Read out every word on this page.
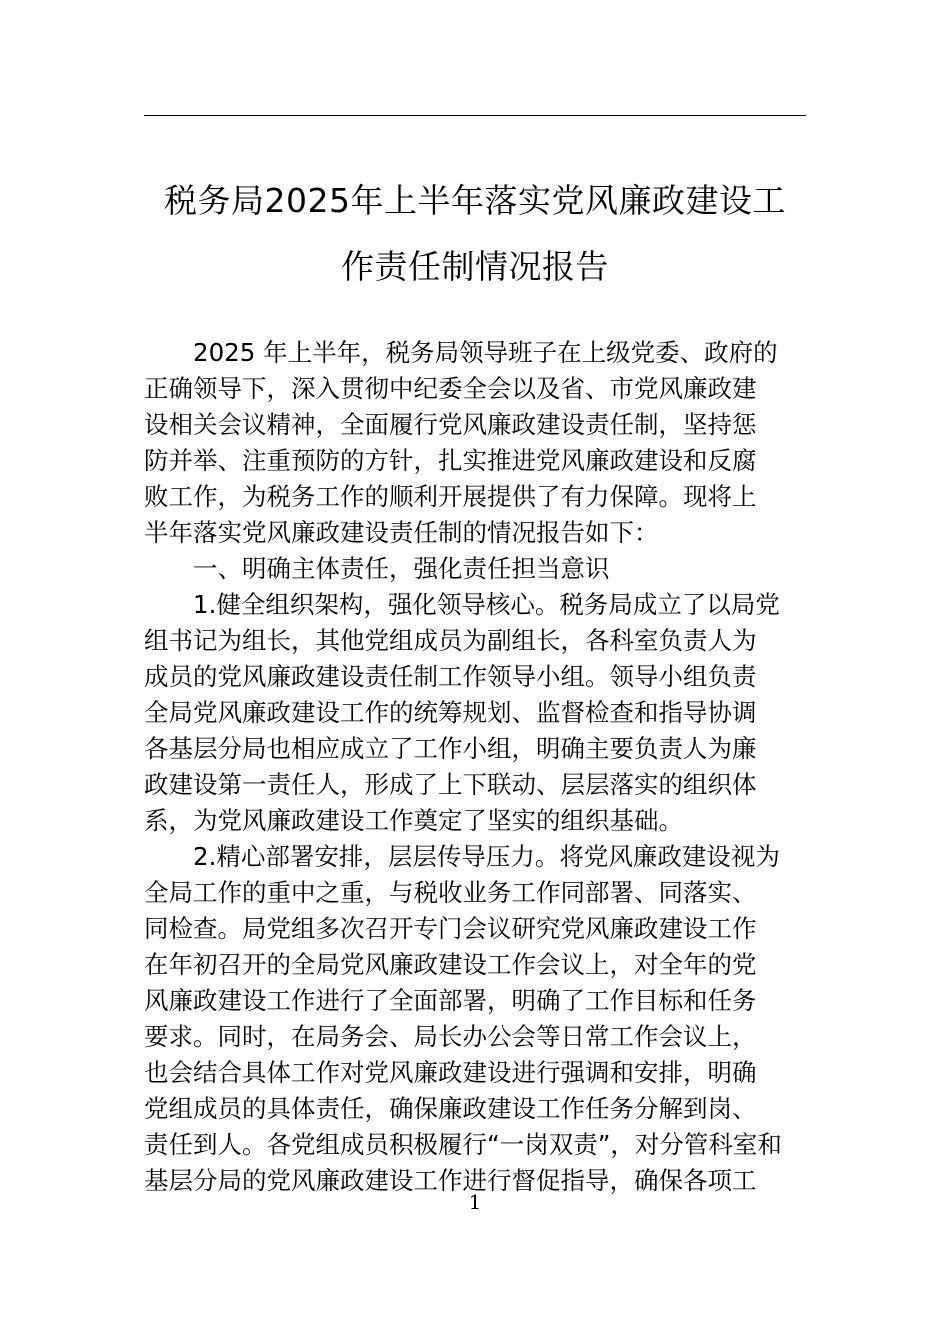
税务局2025年上半年落实党风廉政建设工
作责任制情况报告
2025 年上半年，税务局领导班子在上级党委、政府的
正确领导下，深入贯彻中纪委全会以及省、市党风廉政建
设相关会议精神，全面履行党风廉政建设责任制，坚持惩
防并举、注重预防的方针，扎实推进党风廉政建设和反腐
败工作，为税务工作的顺利开展提供了有力保障。现将上
半年落实党风廉政建设责任制的情况报告如下：
一、明确主体责任，强化责任担当意识
1.健全组织架构，强化领导核心。税务局成立了以局党
组书记为组长，其他党组成员为副组长，各科室负责人为
成员的党风廉政建设责任制工作领导小组。领导小组负责
全局党风廉政建设工作的统筹规划、监督检查和指导协调
各基层分局也相应成立了工作小组，明确主要负责人为廉
政建设第一责任人，形成了上下联动、层层落实的组织体
系，为党风廉政建设工作奠定了坚实的组织基础。
2.精心部署安排，层层传导压力。将党风廉政建设视为
全局工作的重中之重，与税收业务工作同部署、同落实、
同检查。局党组多次召开专门会议研究党风廉政建设工作
在年初召开的全局党风廉政建设工作会议上，对全年的党
风廉政建设工作进行了全面部署，明确了工作目标和任务
要求。同时，在局务会、局长办公会等日常工作会议上，
也会结合具体工作对党风廉政建设进行强调和安排，明确
党组成员的具体责任，确保廉政建设工作任务分解到岗、
责任到人。各党组成员积极履行“一岗双责”，对分管科室和
基层分局的党风廉政建设工作进行督促指导，确保各项工
1
